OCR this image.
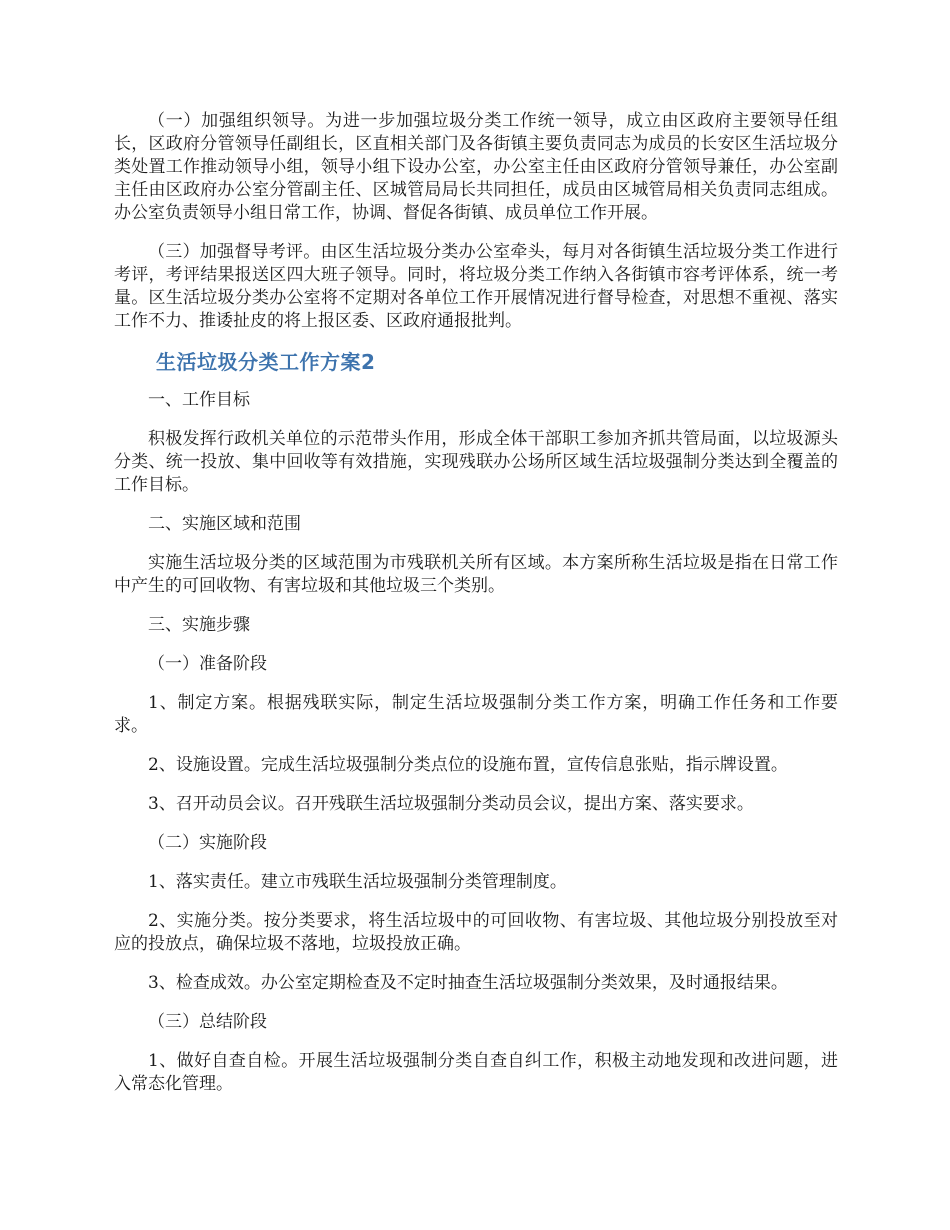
（一）加强组织领导。为进一步加强垃圾分类工作统一领导，成立由区政府主要领导任组长，区政府分管领导任副组长，区直相关部门及各街镇主要负责同志为成员的长安区生活垃圾分类处置工作推动领导小组，领导小组下设办公室，办公室主任由区政府分管领导兼任，办公室副主任由区政府办公室分管副主任、区城管局局长共同担任，成员由区城管局相关负责同志组成。办公室负责领导小组日常工作，协调、督促各街镇、成员单位工作开展。

（三）加强督导考评。由区生活垃圾分类办公室牵头，每月对各街镇生活垃圾分类工作进行考评，考评结果报送区四大班子领导。同时，将垃圾分类工作纳入各街镇市容考评体系，统一考量。区生活垃圾分类办公室将不定期对各单位工作开展情况进行督导检查，对思想不重视、落实工作不力、推诿扯皮的将上报区委、区政府通报批判。

生活垃圾分类工作方案2

一、工作目标

积极发挥行政机关单位的示范带头作用，形成全体干部职工参加齐抓共管局面，以垃圾源头分类、统一投放、集中回收等有效措施，实现残联办公场所区域生活垃圾强制分类达到全覆盖的工作目标。

二、实施区域和范围

实施生活垃圾分类的区域范围为市残联机关所有区域。本方案所称生活垃圾是指在日常工作中产生的可回收物、有害垃圾和其他垃圾三个类别。

三、实施步骤

（一）准备阶段

1、制定方案。根据残联实际，制定生活垃圾强制分类工作方案，明确工作任务和工作要求。

2、设施设置。完成生活垃圾强制分类点位的设施布置，宣传信息张贴，指示牌设置。

3、召开动员会议。召开残联生活垃圾强制分类动员会议，提出方案、落实要求。

（二）实施阶段

1、落实责任。建立市残联生活垃圾强制分类管理制度。

2、实施分类。按分类要求，将生活垃圾中的可回收物、有害垃圾、其他垃圾分别投放至对应的投放点，确保垃圾不落地，垃圾投放正确。

3、检查成效。办公室定期检查及不定时抽查生活垃圾强制分类效果，及时通报结果。

（三）总结阶段

1、做好自查自检。开展生活垃圾强制分类自查自纠工作，积极主动地发现和改进问题，进入常态化管理。
